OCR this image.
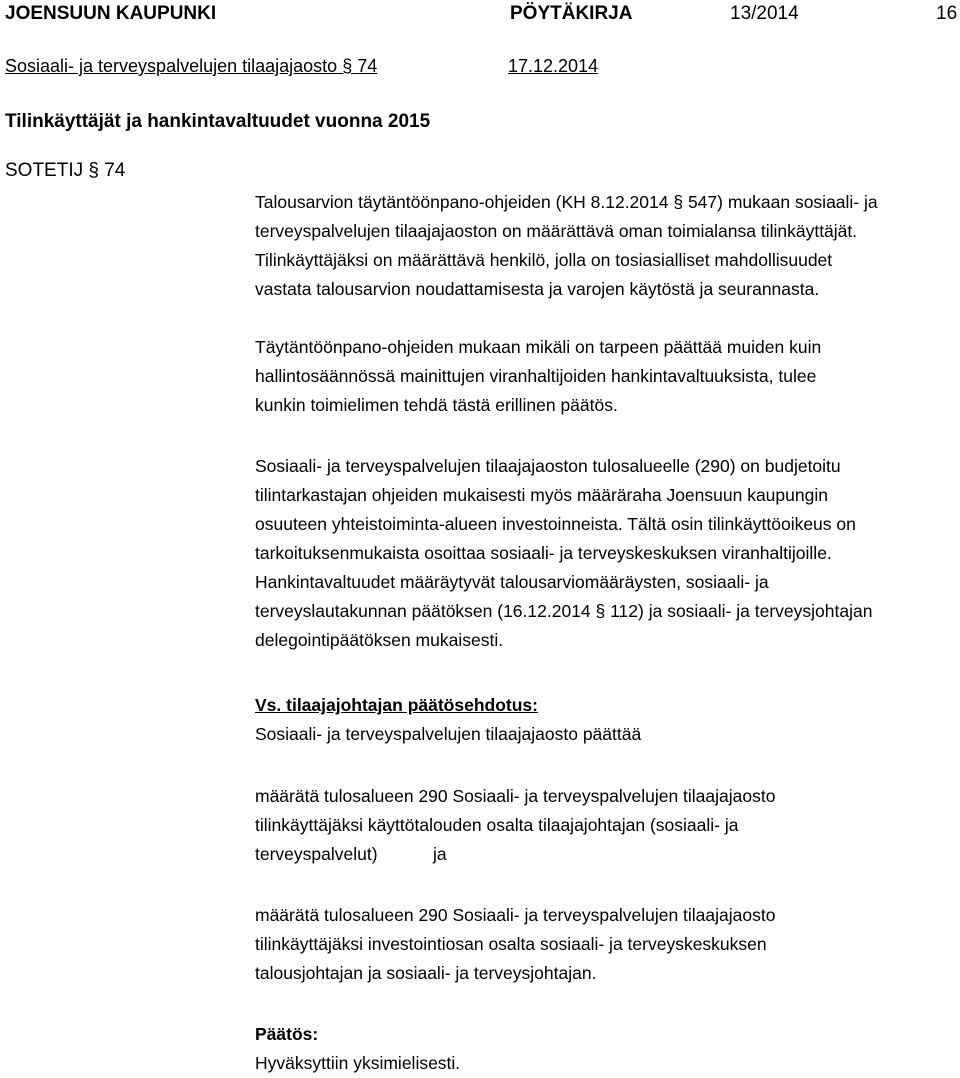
JOENSUUN KAUPUNKI	PÖYTÄKIRJA	13/2014	16
Sosiaali- ja terveyspalvelujen tilaajajaosto § 74	17.12.2014
Tilinkäyttäjät ja hankintavaltuudet vuonna 2015
SOTETIJ § 74

Talousarvion täytäntöönpano-ohjeiden (KH 8.12.2014 § 547) mukaan sosiaali- ja

terveyspalvelujen tilaajajaoston on määrättävä oman toimialansa tilinkäyttäjät.

Tilinkäyttäjäksi on määrättävä henkilö, jolla on tosiasialliset mahdollisuudet

vastata talousarvion noudattamisesta ja varojen käytöstä ja seurannasta.

Täytäntöönpano-ohjeiden mukaan mikäli on tarpeen päättää muiden kuin

hallintosäännössä mainittujen viranhaltijoiden hankintavaltuuksista, tulee

kunkin toimielimen tehdä tästä erillinen päätös.

Sosiaali- ja terveyspalvelujen tilaajajaoston tulosalueelle (290) on budjetoitu

tilintarkastajan ohjeiden mukaisesti myös määräraha Joensuun kaupungin

osuuteen yhteistoiminta-alueen investoinneista. Tältä osin tilinkäyttöoikeus on

tarkoituksenmukaista osoittaa sosiaali- ja terveyskeskuksen viranhaltijoille.

Hankintavaltuudet määräytyvät talousarviomääräysten, sosiaali- ja

terveyslautakunnan päätöksen (16.12.2014 § 112) ja sosiaali- ja terveysjohtajan

delegointipäätöksen mukaisesti.

Vs. tilaajajohtajan päätösehdotus:

Sosiaali- ja terveyspalvelujen tilaajajaosto päättää

määrätä tulosalueen 290 Sosiaali- ja terveyspalvelujen tilaajajaosto

tilinkäyttäjäksi käyttötalouden osalta tilaajajohtajan (sosiaali- ja

terveyspalvelut)	ja

määrätä tulosalueen 290 Sosiaali- ja terveyspalvelujen tilaajajaosto

tilinkäyttäjäksi investointiosan osalta sosiaali- ja terveyskeskuksen

talousjohtajan ja sosiaali- ja terveysjohtajan.

Päätös:

Hyväksyttiin yksimielisesti.
